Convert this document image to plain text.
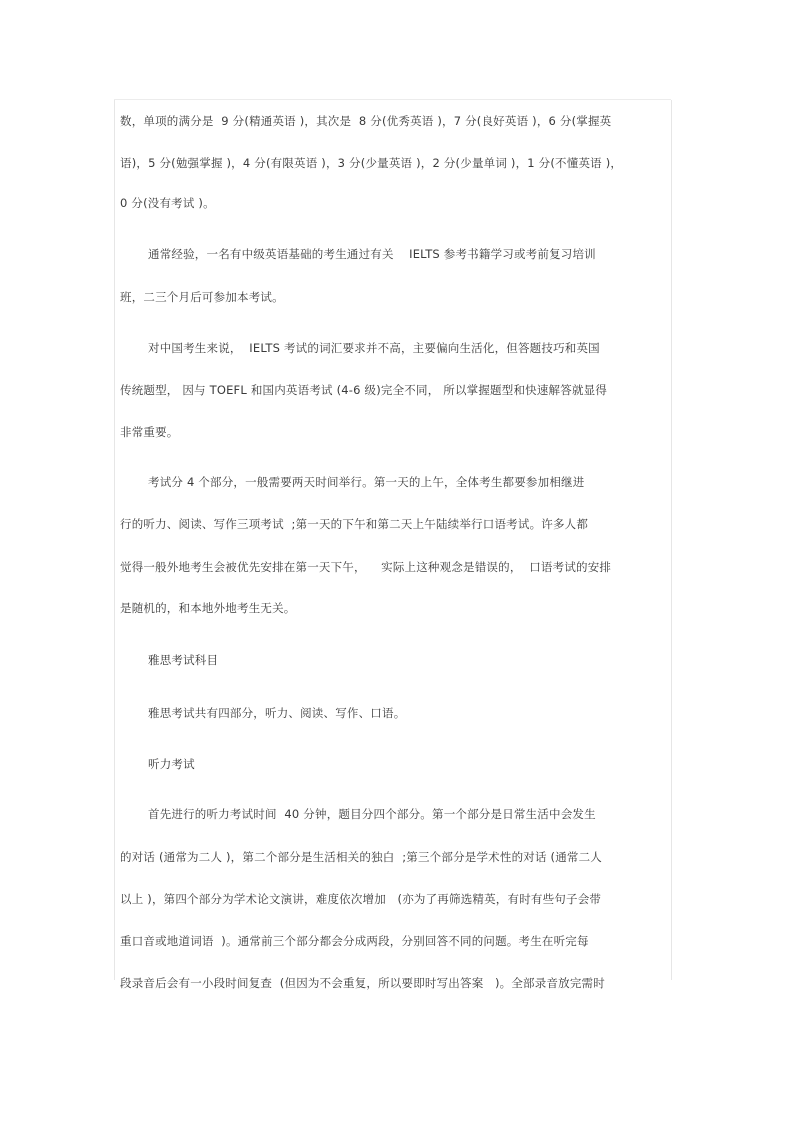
数，单项的满分是  9 分(精通英语 )，其次是  8 分(优秀英语 )，7 分(良好英语 )，6 分(掌握英
语)，5 分(勉强掌握 )，4 分(有限英语 )，3 分(少量英语 )，2 分(少量单词 )，1 分(不懂英语 )，
0 分(没有考试 )。
通常经验，一名有中级英语基础的考生通过有关    IELTS 参考书籍学习或考前复习培训
班，二三个月后可参加本考试。
对中国考生来说，  IELTS 考试的词汇要求并不高，主要偏向生活化，但答题技巧和英国
传统题型， 因与 TOEFL 和国内英语考试 (4-6 级)完全不同， 所以掌握题型和快速解答就显得
非常重要。
考试分 4 个部分，一般需要两天时间举行。第一天的上午，全体考生都要参加相继进
行的听力、阅读、写作三项考试  ;第一天的下午和第二天上午陆续举行口语考试。许多人都
觉得一般外地考生会被优先安排在第一天下午，    实际上这种观念是错误的，  口语考试的安排
是随机的，和本地外地考生无关。
雅思考试科目
雅思考试共有四部分，听力、阅读、写作、口语。
听力考试
首先进行的听力考试时间  40 分钟，题目分四个部分。第一个部分是日常生活中会发生
的对话 (通常为二人 )，第二个部分是生活相关的独白  ;第三个部分是学术性的对话 (通常二人
以上 )，第四个部分为学术论文演讲，难度依次增加   (亦为了再筛选精英，有时有些句子会带
重口音或地道词语  )。通常前三个部分都会分成两段，分别回答不同的问题。考生在听完每
段录音后会有一小段时间复查  (但因为不会重复，所以要即时写出答案   )。全部录音放完需时
